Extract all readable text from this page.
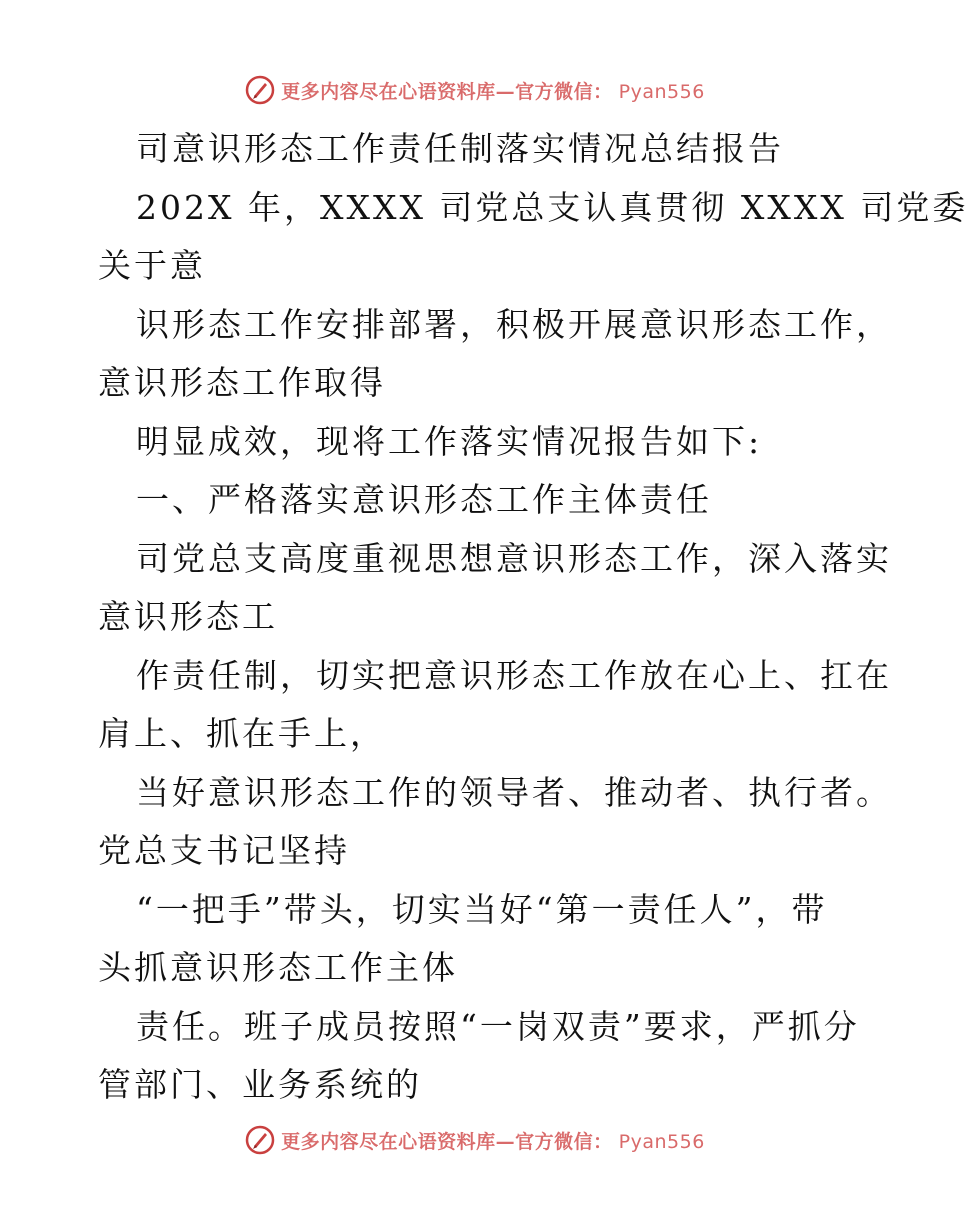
更多内容尽在心语资料库—官方微信： Pyan556
司意识形态工作责任制落实情况总结报告
202X 年，XXXX 司党总支认真贯彻 XXXX 司党委
关于意
识形态工作安排部署，积极开展意识形态工作，
意识形态工作取得
明显成效，现将工作落实情况报告如下:
一、严格落实意识形态工作主体责任
司党总支高度重视思想意识形态工作，深入落实
意识形态工
作责任制，切实把意识形态工作放在心上、扛在
肩上、抓在手上，
当好意识形态工作的领导者、推动者、执行者。
党总支书记坚持
“一把手”带头，切实当好“第一责任人”，带
头抓意识形态工作主体
责任。班子成员按照“一岗双责”要求，严抓分
管部门、业务系统的
更多内容尽在心语资料库—官方微信： Pyan556
